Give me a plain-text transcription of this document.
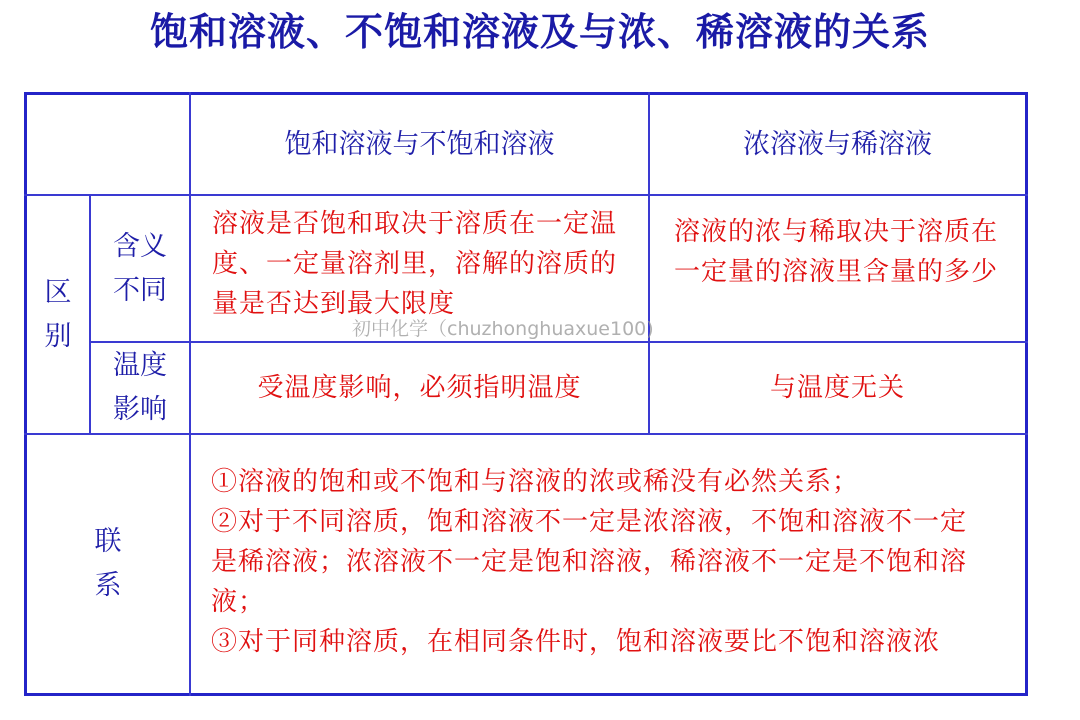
饱和溶液、不饱和溶液及与浓、稀溶液的关系
饱和溶液与不饱和溶液	浓溶液与稀溶液
区
别
含义
不同
溶液是否饱和取决于溶质在一定温度、一定量溶剂里，溶解的溶质的量是否达到最大限度
溶液的浓与稀取决于溶质在一定量的溶液里含量的多少
温度
影响
受温度影响，必须指明温度	与温度无关
联
系
①溶液的饱和或不饱和与溶液的浓或稀没有必然关系；
②对于不同溶质，饱和溶液不一定是浓溶液，不饱和溶液不一定是稀溶液；浓溶液不一定是饱和溶液，稀溶液不一定是不饱和溶液；
③对于同种溶质，在相同条件时，饱和溶液要比不饱和溶液浓
初中化学（chuzhonghuaxue100)
